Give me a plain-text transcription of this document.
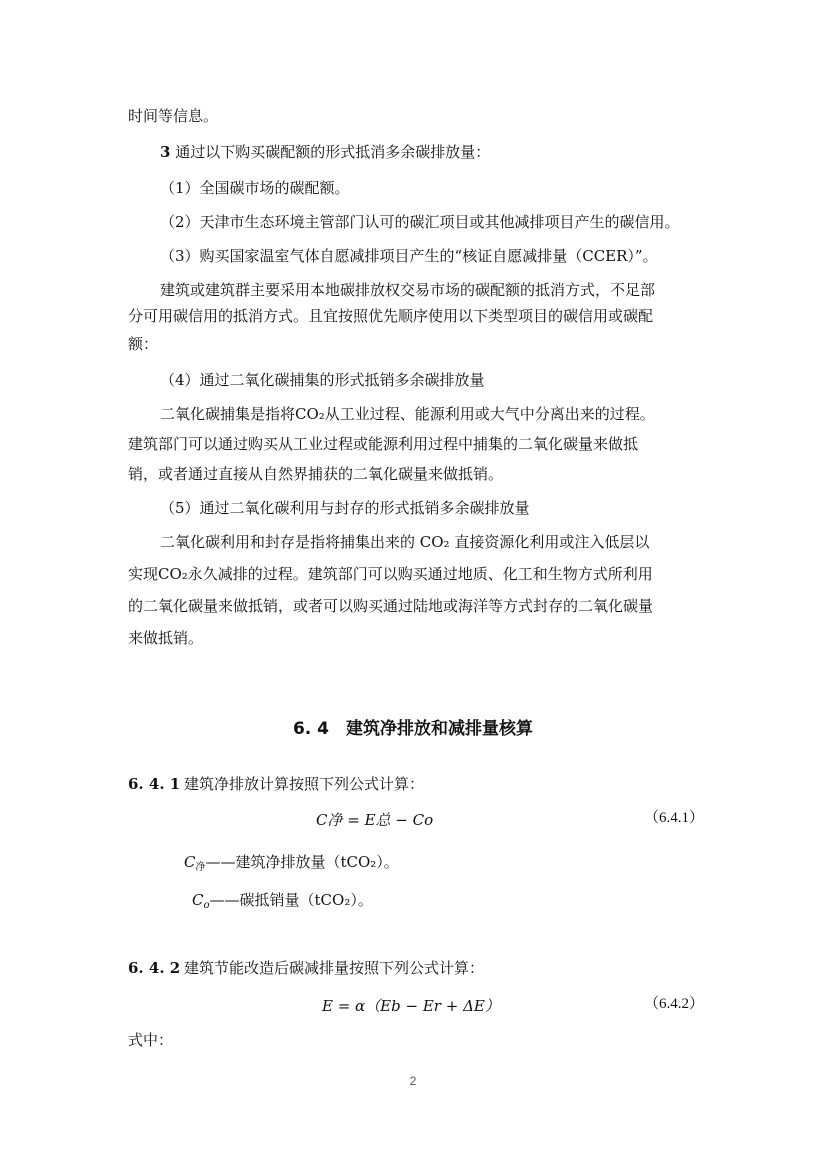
时间等信息。
3 通过以下购买碳配额的形式抵消多余碳排放量：
（1）全国碳市场的碳配额。
（2）天津市生态环境主管部门认可的碳汇项目或其他减排项目产生的碳信用。
（3）购买国家温室气体自愿减排项目产生的“核证自愿减排量（CCER）”。
建筑或建筑群主要采用本地碳排放权交易市场的碳配额的抵消方式，不足部
分可用碳信用的抵消方式。且宜按照优先顺序使用以下类型项目的碳信用或碳配
额：
（4）通过二氧化碳捕集的形式抵销多余碳排放量
二氧化碳捕集是指将CO₂从工业过程、能源利用或大气中分离出来的过程。
建筑部门可以通过购买从工业过程或能源利用过程中捕集的二氧化碳量来做抵
销，或者通过直接从自然界捕获的二氧化碳量来做抵销。
（5）通过二氧化碳利用与封存的形式抵销多余碳排放量
二氧化碳利用和封存是指将捕集出来的 CO₂ 直接资源化利用或注入低层以
实现CO₂永久减排的过程。建筑部门可以购买通过地质、化工和生物方式所利用
的二氧化碳量来做抵销，或者可以购买通过陆地或海洋等方式封存的二氧化碳量
来做抵销。
6. 4　建筑净排放和减排量核算
6. 4. 1 建筑净排放计算按照下列公式计算：
C净 = E总 − Co	（6.4.1）
$C_净——$建筑净排放量（tCO₂）。
$C_o——$碳抵销量（tCO₂）。
6. 4. 2 建筑节能改造后碳减排量按照下列公式计算：
E = α（Eb − Er + ΔE）	（6.4.2）
式中：
2
